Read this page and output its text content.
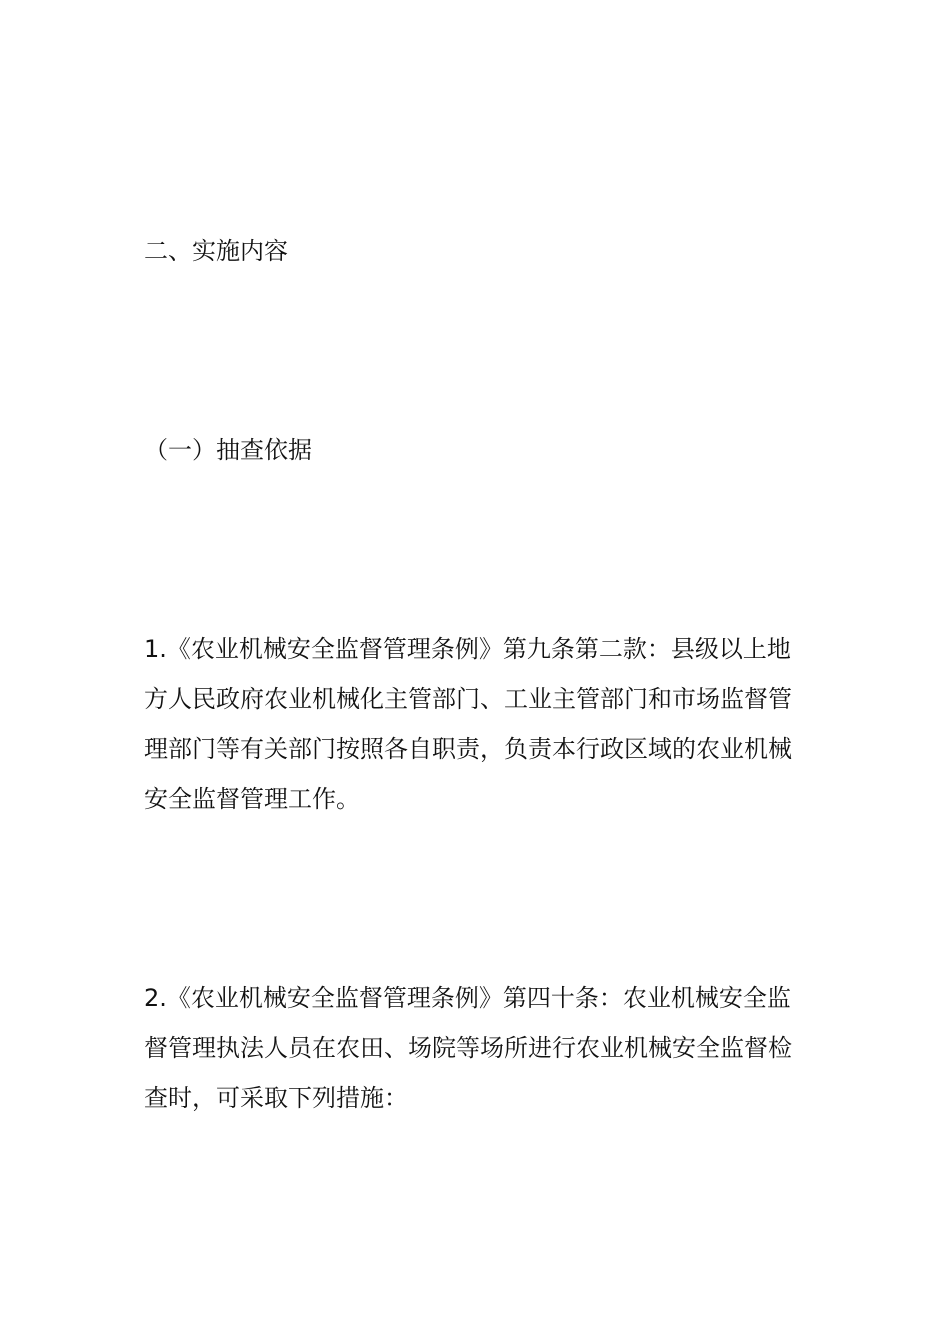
二、实施内容
（一）抽查依据
1.《农业机械安全监督管理条例》第九条第二款：县级以上地方人民政府农业机械化主管部门、工业主管部门和市场监督管理部门等有关部门按照各自职责，负责本行政区域的农业机械安全监督管理工作。
2.《农业机械安全监督管理条例》第四十条：农业机械安全监督管理执法人员在农田、场院等场所进行农业机械安全监督检查时，可采取下列措施：
